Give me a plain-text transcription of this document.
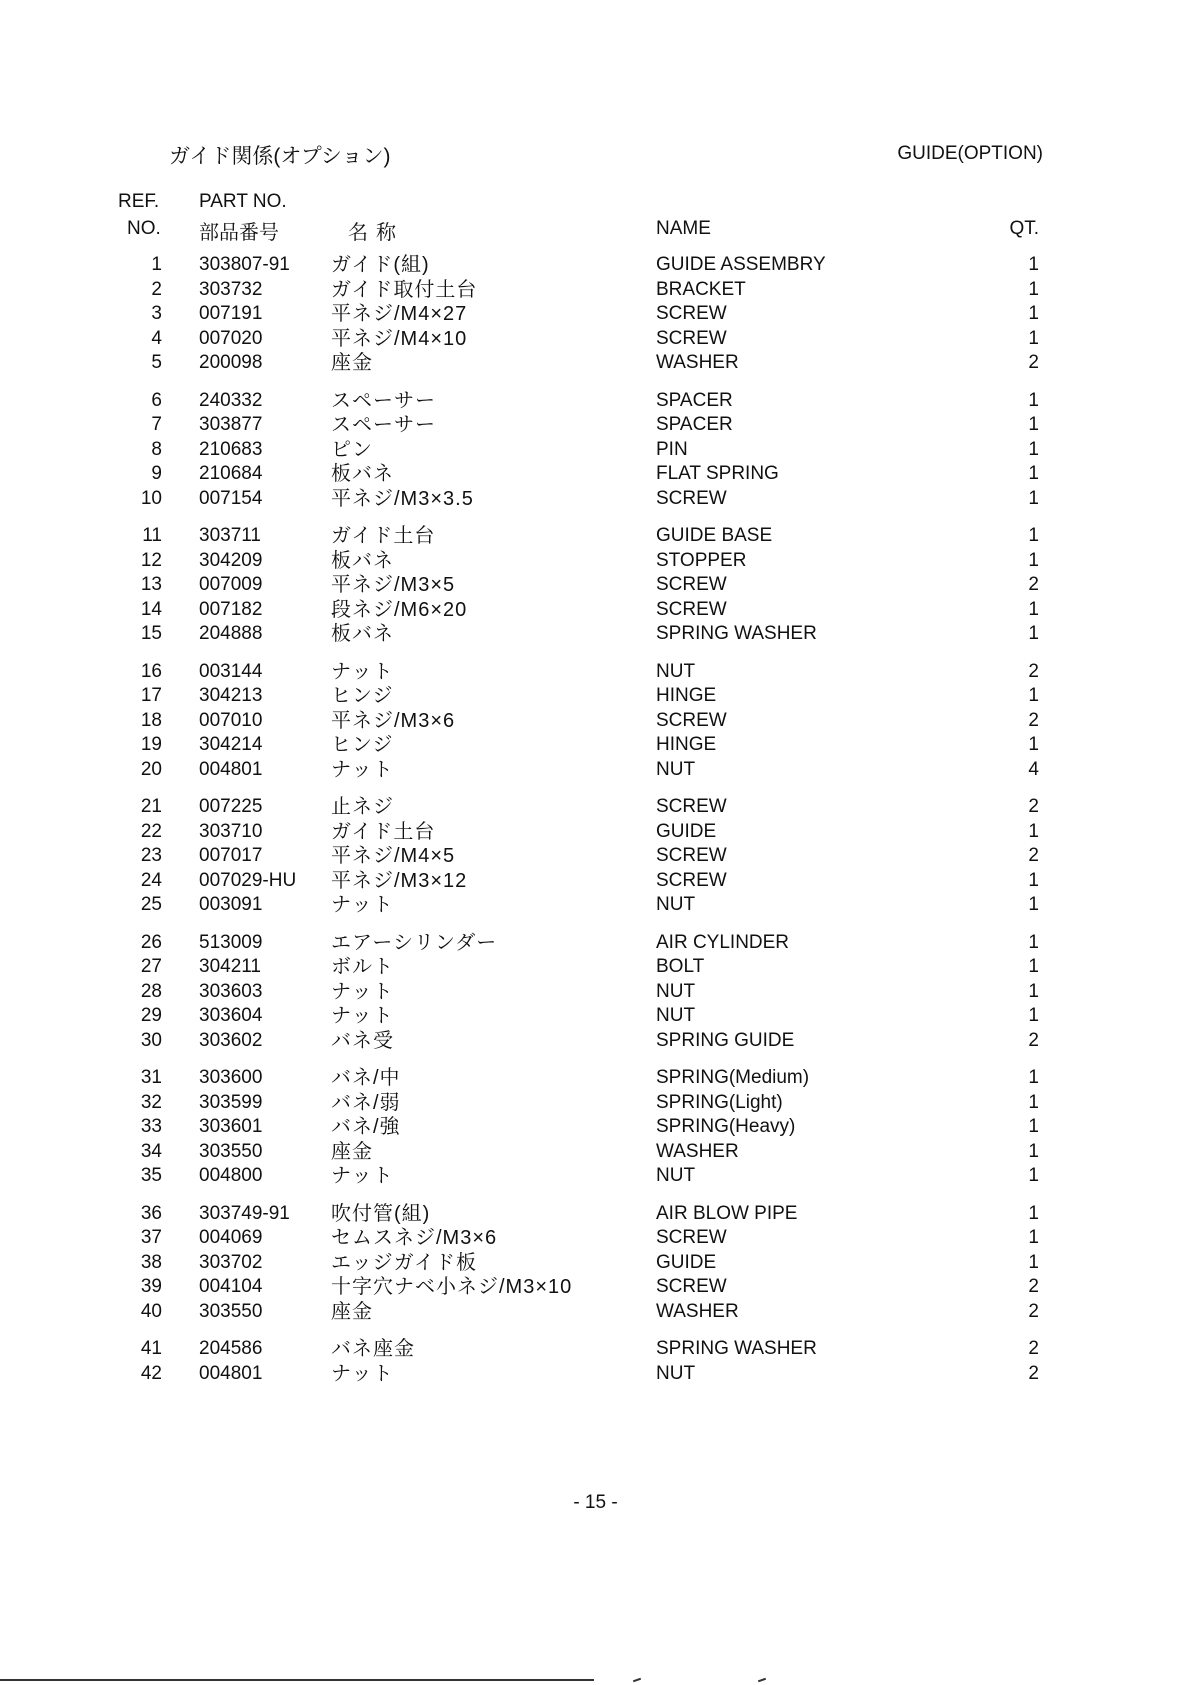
ガイド関係(オプション)	GUIDE(OPTION)
REF.
NO.
PART NO.
部品番号	名称	NAME	QT.
1 303807-91 ガイド(組)	GUIDE ASSEMBRY	1
2 303732	ガイド取付土台	BRACKET	1
3 007191	平ネジ/M4×27	SCREW	1
4 007020	平ネジ/M4×10	SCREW	1
5 200098	座金	WASHER	2
6 240332	スペーサー	SPACER	1
7 303877	スペーサー	SPACER	1
8 210683	ピン	PIN	1
9 210684	板バネ	FLAT SPRING	1
10 007154	平ネジ/M3×3.5	SCREW	1
11 303711	ガイド土台	GUIDE BASE	1
12 304209	板バネ	STOPPER	1
13 007009	平ネジ/M3×5	SCREW	2
14 007182	段ネジ/M6×20	SCREW	1
15 204888	板バネ	SPRING WASHER	1
16 003144	ナット	NUT	2
17 304213	ヒンジ	HINGE	1
18 007010	平ネジ/M3×6	SCREW	2
19 304214	ヒンジ	HINGE	1
20 004801	ナット	NUT	4
21 007225	止ネジ	SCREW	2
22 303710	ガイド土台	GUIDE	1
23 007017	平ネジ/M4×5	SCREW	2
24 007029-HU 平ネジ/M3×12	SCREW	1
25 003091	ナット	NUT	1
26 513009	エアーシリンダー	AIR CYLINDER	1
27 304211	ボルト	BOLT	1
28 303603	ナット	NUT	1
29 303604	ナット	NUT	1
30 303602	バネ受	SPRING GUIDE	2
31 303600	バネ/中	SPRING(Medium)	1
32 303599	バネ/弱	SPRING(Light)	1
33 303601	バネ/強	SPRING(Heavy)	1
34 303550	座金	WASHER	1
35 004800	ナット	NUT	1
36 303749-91 吹付管(組)	AIR BLOW PIPE	1
37 004069	セムスネジ/M3×6	SCREW	1
38 303702	エッジガイド板	GUIDE	1
39 004104	十字穴ナベ小ネジ/M3×10	SCREW	2
40 303550	座金	WASHER	2
41 204586	バネ座金	SPRING WASHER	2
42 004801	ナット	NUT	2
- 15 -
